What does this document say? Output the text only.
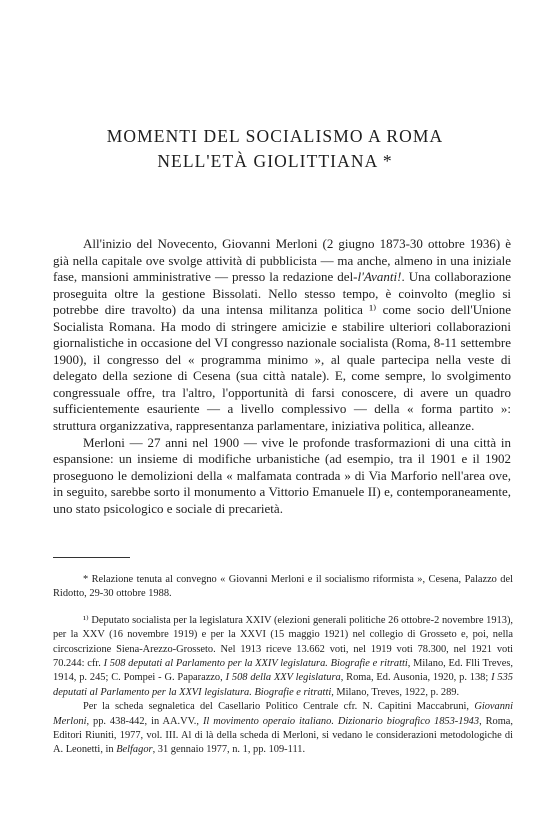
MOMENTI DEL SOCIALISMO A ROMA
NELL'ETÀ GIOLITTIANA *

All'inizio del Novecento, Giovanni Merloni (2 giugno 1873-30 ottobre 1936) è già nella capitale ove svolge attività di pubblicista — ma anche, almeno in una iniziale fase, mansioni amministrative — presso la redazione del-l'Avanti!. Una collaborazione proseguita oltre la gestione Bissolati. Nello stesso tempo, è coinvolto (meglio si potrebbe dire travolto) da una intensa militanza politica ¹⁾ come socio dell'Unione Socialista Romana. Ha modo di stringere amicizie e stabilire ulteriori collaborazioni giornalistiche in occasione del VI congresso nazionale socialista (Roma, 8-11 settembre 1900), il congresso del « programma minimo », al quale partecipa nella veste di delegato della sezione di Cesena (sua città natale). E, come sempre, lo svolgimento congressuale offre, tra l'altro, l'opportunità di farsi conoscere, di avere un quadro sufficientemente esauriente — a livello complessivo — della « forma partito »: struttura organizzativa, rappresentanza parlamentare, iniziativa politica, alleanze.

Merloni — 27 anni nel 1900 — vive le profonde trasformazioni di una città in espansione: un insieme di modifiche urbanistiche (ad esempio, tra il 1901 e il 1902 proseguono le demolizioni della « malfamata contrada » di Via Marforio nell'area ove, in seguito, sarebbe sorto il monumento a Vittorio Emanuele II) e, contemporaneamente, uno stato psicologico e sociale di precarietà.

* Relazione tenuta al convegno « Giovanni Merloni e il socialismo riformista », Cesena, Palazzo del Ridotto, 29-30 ottobre 1988.

¹⁾ Deputato socialista per la legislatura XXIV (elezioni generali politiche 26 ottobre-2 novembre 1913), per la XXV (16 novembre 1919) e per la XXVI (15 maggio 1921) nel collegio di Grosseto e, poi, nella circoscrizione Siena-Arezzo-Grosseto. Nel 1913 riceve 13.662 voti, nel 1919 voti 78.300, nel 1921 voti 70.244: cfr. I 508 deputati al Parlamento per la XXIV legislatura. Biografie e ritratti, Milano, Ed. Flli Treves, 1914, p. 245; C. Pompei - G. Paparazzo, I 508 della XXV legislatura, Roma, Ed. Ausonia, 1920, p. 138; I 535 deputati al Parlamento per la XXVI legislatura. Biografie e ritratti, Milano, Treves, 1922, p. 289.

Per la scheda segnaletica del Casellario Politico Centrale cfr. N. Capitini Maccabruni, Giovanni Merloni, pp. 438-442, in AA.VV., Il movimento operaio italiano. Dizionario biografico 1853-1943, Roma, Editori Riuniti, 1977, vol. III. Al di là della scheda di Merloni, si vedano le considerazioni metodologiche di A. Leonetti, in Belfagor, 31 gennaio 1977, n. 1, pp. 109-111.
